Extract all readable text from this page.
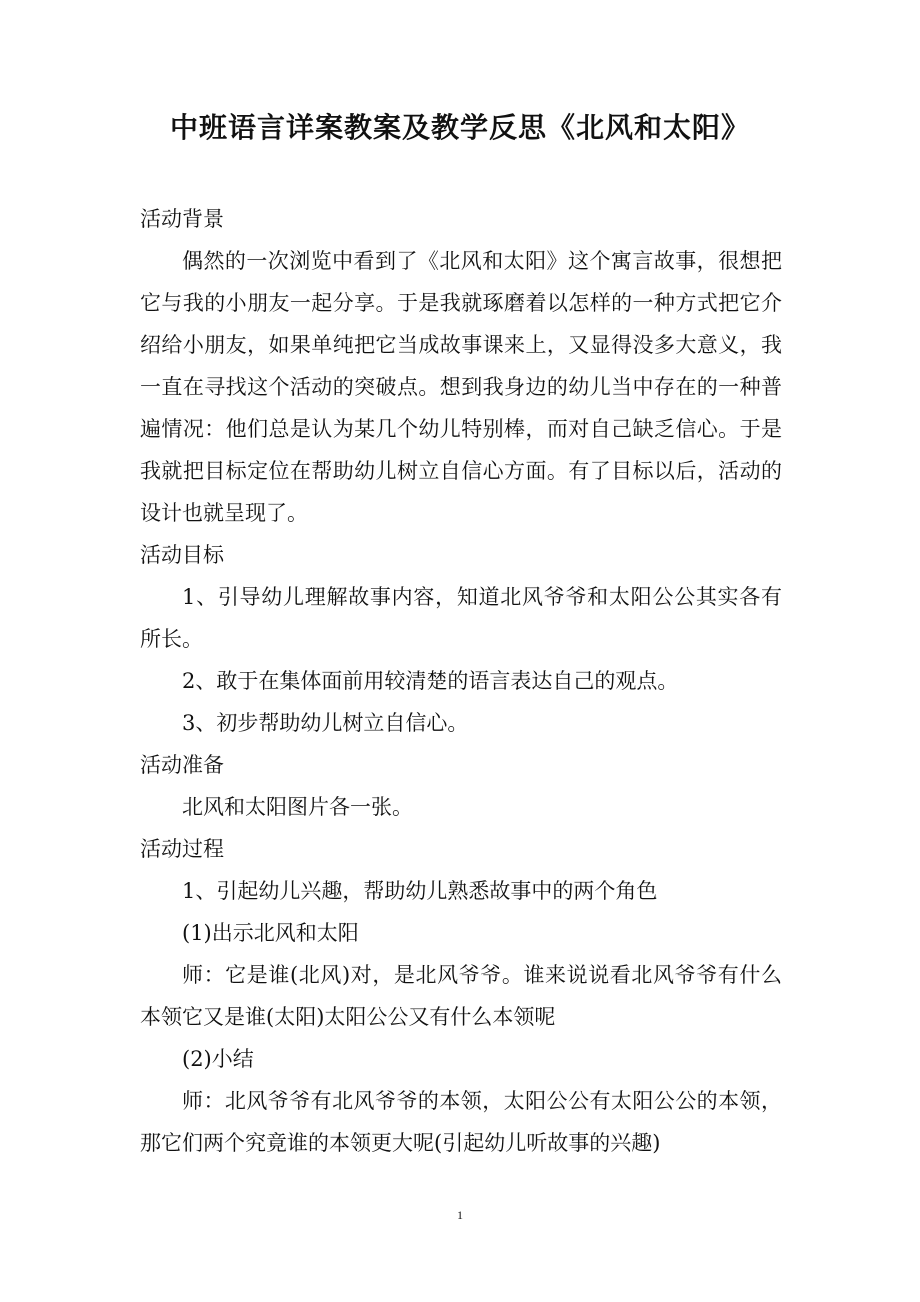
中班语言详案教案及教学反思《北风和太阳》

活动背景

偶然的一次浏览中看到了《北风和太阳》这个寓言故事，很想把它与我的小朋友一起分享。于是我就琢磨着以怎样的一种方式把它介绍给小朋友，如果单纯把它当成故事课来上，又显得没多大意义，我一直在寻找这个活动的突破点。想到我身边的幼儿当中存在的一种普遍情况：他们总是认为某几个幼儿特别棒，而对自己缺乏信心。于是我就把目标定位在帮助幼儿树立自信心方面。有了目标以后，活动的设计也就呈现了。

活动目标

1、引导幼儿理解故事内容，知道北风爷爷和太阳公公其实各有所长。

2、敢于在集体面前用较清楚的语言表达自己的观点。

3、初步帮助幼儿树立自信心。

活动准备

北风和太阳图片各一张。

活动过程

1、引起幼儿兴趣，帮助幼儿熟悉故事中的两个角色

(1)出示北风和太阳

师：它是谁(北风)对，是北风爷爷。谁来说说看北风爷爷有什么本领它又是谁(太阳)太阳公公又有什么本领呢

(2)小结

师：北风爷爷有北风爷爷的本领，太阳公公有太阳公公的本领，那它们两个究竟谁的本领更大呢(引起幼儿听故事的兴趣)

1
